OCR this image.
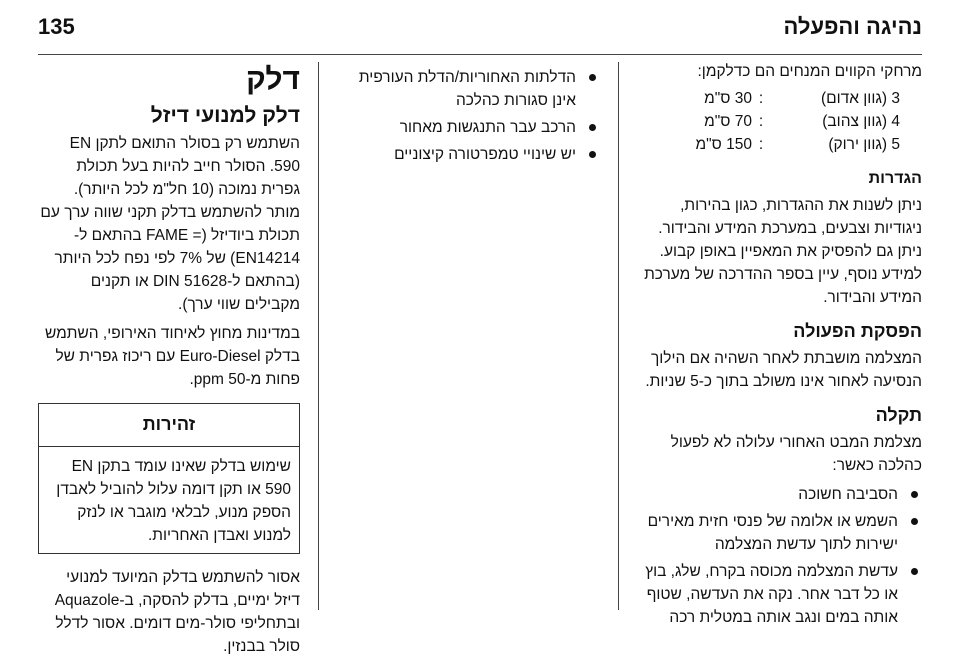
135	נהיגה והפעלה

מרחקי הקווים המנחים הם כדלקמן:

3 (גוון אדום)
:
30 ס"מ
4 (גוון צהוב)
:
70 ס"מ
5 (גוון ירוק)
:
150 ס"מ
הגדרות

ניתן לשנות את ההגדרות, כגון בהירות, ניגודיות וצבעים, במערכת המידע והבידור. ניתן גם להפסיק את המאפיין באופן קבוע. למידע נוסף, עיין בספר ההדרכה של מערכת המידע והבידור.

הפסקת הפעולה

המצלמה מושבתת לאחר השהיה אם הילוך הנסיעה לאחור אינו משולב בתוך כ-5 שניות.

תקלה

מצלמת המבט האחורי עלולה לא לפעול כהלכה כאשר:

הסביבה חשוכה
השמש או אלומה של פנסי חזית מאירים ישירות לתוך עדשת המצלמה
עדשת המצלמה מכוסה בקרח, שלג, בוץ או כל דבר אחר. נקה את העדשה, שטוף אותה במים ונגב אותה במטלית רכה
הדלתות האחוריות/הדלת העורפית אינן סגורות כהלכה
הרכב עבר התנגשות מאחור
יש שינויי טמפרטורה קיצוניים
דלק
דלק למנועי דיזל

השתמש רק בסולר התואם לתקן EN 590. הסולר חייב להיות בעל תכולת גפרית נמוכה (10 חל"מ לכל היותר). מותר להשתמש בדלק תקני שווה ערך עם תכולת ביודיזל (= FAME בהתאם ל-EN14214) של 7% לפי נפח לכל היותר (בהתאם ל-DIN 51628 או תקנים מקבילים שווי ערך).

במדינות מחוץ לאיחוד האירופי, השתמש בדלק Euro-Diesel עם ריכוז גפרית של פחות מ-50 ppm.

זהירות

שימוש בדלק שאינו עומד בתקן EN 590 או תקן דומה עלול להוביל לאבדן הספק מנוע, לבלאי מוגבר או לנזק למנוע ואבדן האחריות.

אסור להשתמש בדלק המיועד למנועי דיזל ימיים, בדלק להסקה, ב-Aquazole ובתחליפי סולר-מים דומים. אסור לדלל סולר בבנזין.
